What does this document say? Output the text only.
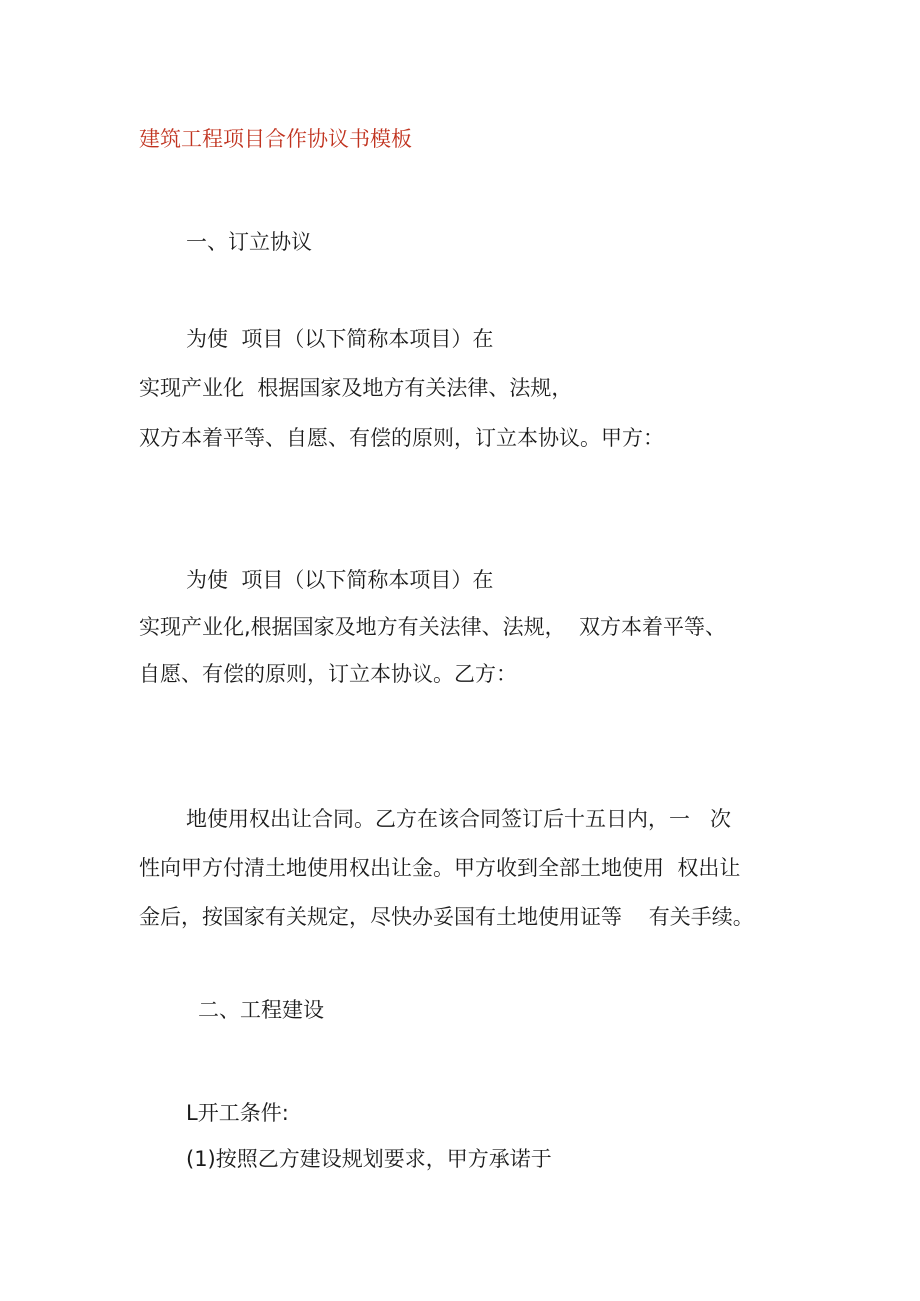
建筑工程项目合作协议书模板
一、订立协议
为使  项目（以下简称本项目）在
实现产业化  根据国家及地方有关法律、法规，
双方本着平等、自愿、有偿的原则，订立本协议。甲方：
为使  项目（以下简称本项目）在
实现产业化,根据国家及地方有关法律、法规，  双方本着平等、
自愿、有偿的原则，订立本协议。乙方：
地使用权出让合同。乙方在该合同签订后十五日内，一   次
性向甲方付清土地使用权出让金。甲方收到全部土地使用  权出让
金后，按国家有关规定，尽快办妥国有土地使用证等    有关手续。
二、工程建设
L开工条件:
(1)按照乙方建设规划要求，甲方承诺于
